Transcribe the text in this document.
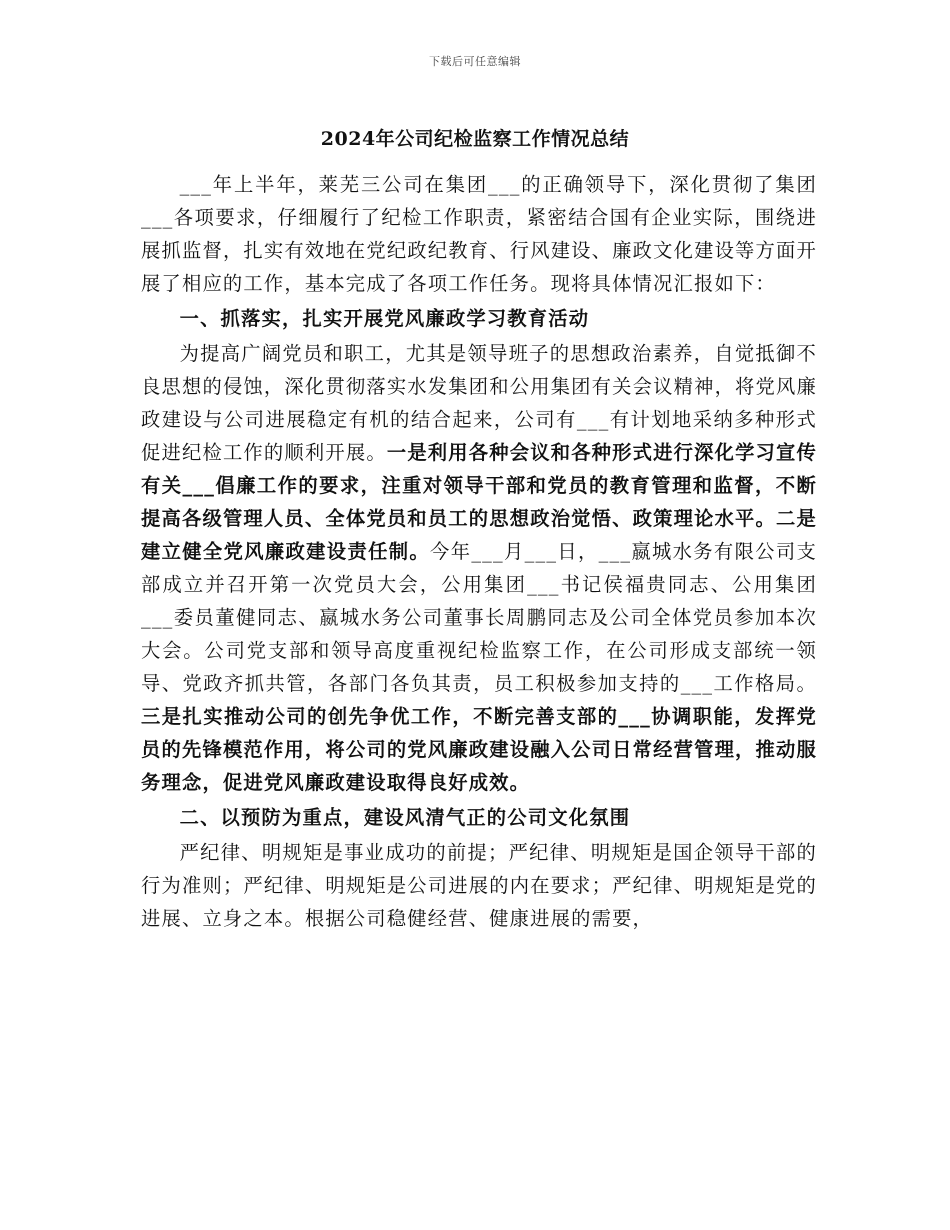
下载后可任意编辑
2024年公司纪检监察工作情况总结

___年上半年，莱芜三公司在集团___的正确领导下，深化贯彻了集团___各项要求，仔细履行了纪检工作职责，紧密结合国有企业实际，围绕进展抓监督，扎实有效地在党纪政纪教育、行风建设、廉政文化建设等方面开展了相应的工作，基本完成了各项工作任务。现将具体情况汇报如下：

一、抓落实，扎实开展党风廉政学习教育活动

为提高广阔党员和职工，尤其是领导班子的思想政治素养，自觉抵御不良思想的侵蚀，深化贯彻落实水发集团和公用集团有关会议精神，将党风廉政建设与公司进展稳定有机的结合起来，公司有___有计划地采纳多种形式促进纪检工作的顺利开展。一是利用各种会议和各种形式进行深化学习宣传有关___倡廉工作的要求，注重对领导干部和党员的教育管理和监督，不断提高各级管理人员、全体党员和员工的思想政治觉悟、政策理论水平。二是建立健全党风廉政建设责任制。今年___月___日，___嬴城水务有限公司支部成立并召开第一次党员大会，公用集团___书记侯福贵同志、公用集团___委员董健同志、嬴城水务公司董事长周鹏同志及公司全体党员参加本次大会。公司党支部和领导高度重视纪检监察工作，在公司形成支部统一领导、党政齐抓共管，各部门各负其责，员工积极参加支持的___工作格局。三是扎实推动公司的创先争优工作，不断完善支部的___协调职能，发挥党员的先锋模范作用，将公司的党风廉政建设融入公司日常经营管理，推动服务理念，促进党风廉政建设取得良好成效。

二、以预防为重点，建设风清气正的公司文化氛围

严纪律、明规矩是事业成功的前提；严纪律、明规矩是国企领导干部的行为准则；严纪律、明规矩是公司进展的内在要求；严纪律、明规矩是党的进展、立身之本。根据公司稳健经营、健康进展的需要，
